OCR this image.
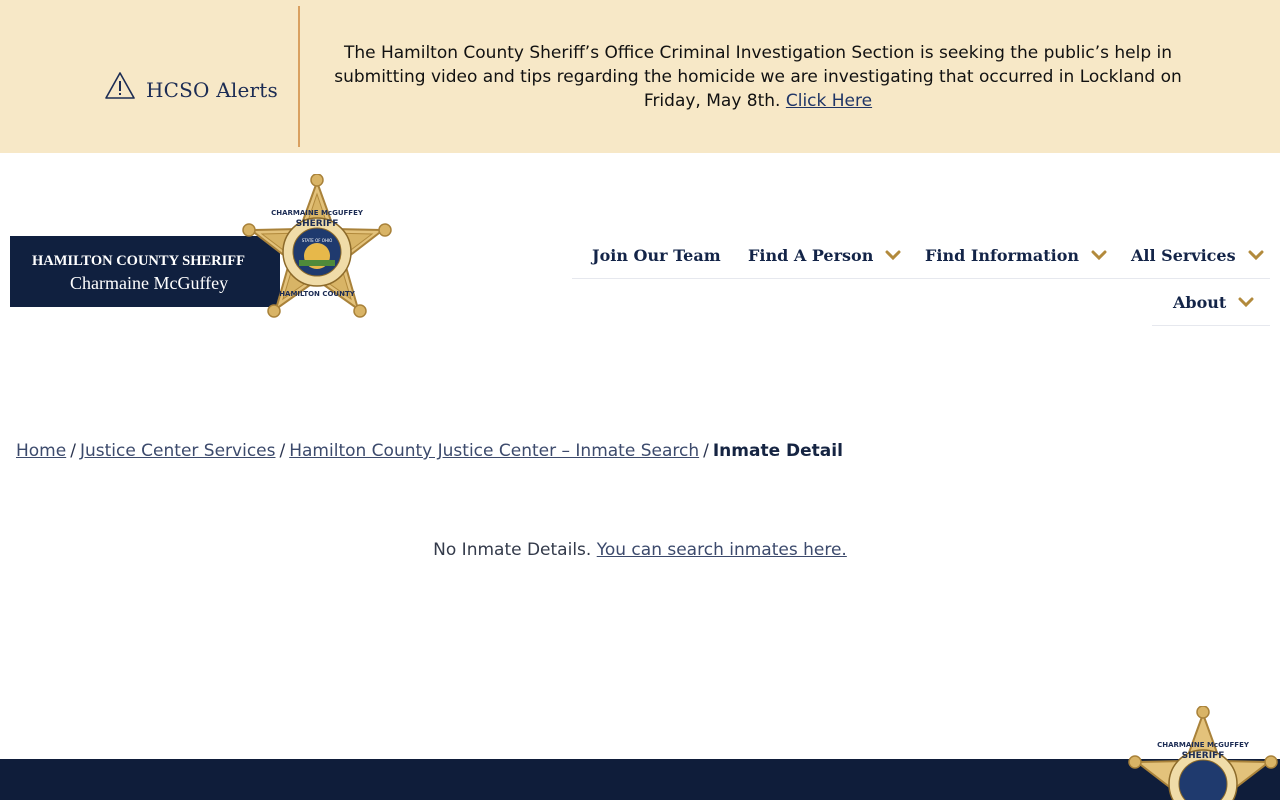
HCSO Alerts
The Hamilton County Sheriff’s Office Criminal Investigation Section is seeking the public’s help in submitting video and tips regarding the homicide we are investigating that occurred in Lockland on Friday, May 8th. Click Here
HAMILTON COUNTY SHERIFF
Charmaine McGuffey
CHARMAINE McGUFFEY
SHERIFF
STATE OF OHIO
HAMILTON COUNTY
Join Our Team Find A Person	Find Information	All Services
About
Home / Justice Center Services / Hamilton County Justice Center – Inmate Search / Inmate Detail
No Inmate Details. You can search inmates here.
CHARMAINE McGUFFEY
SHERIFF
